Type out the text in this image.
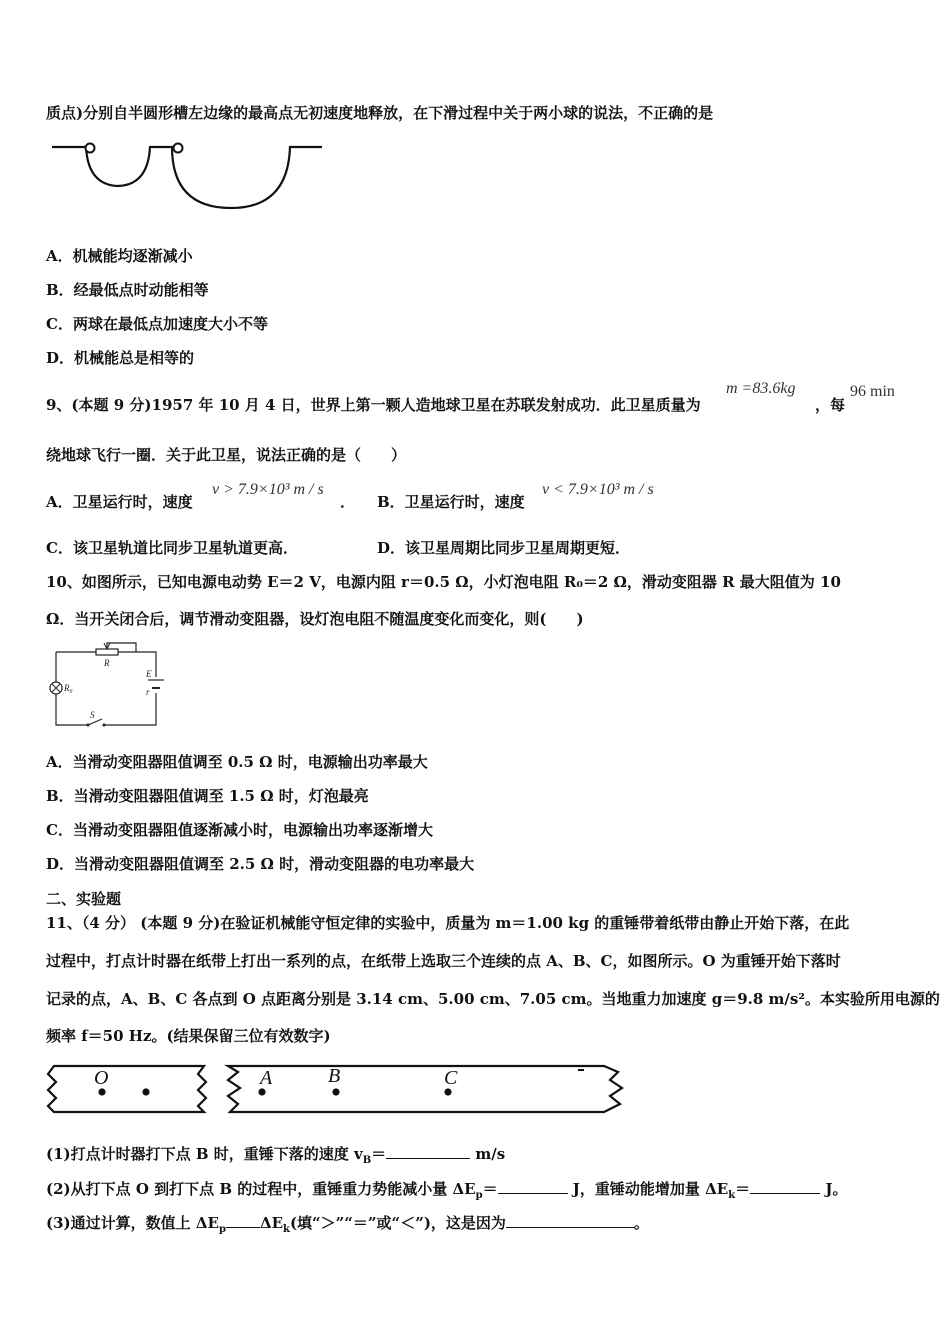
质点)分别自半圆形槽左边缘的最高点无初速度地释放，在下滑过程中关于两小球的说法，不正确的是
A．机械能均逐渐减小
B．经最低点时动能相等
C．两球在最低点加速度大小不等
D．机械能总是相等的
9、(本题 9 分)1957 年 10 月 4 日，世界上第一颗人造地球卫星在苏联发射成功．此卫星质量为
m =83.6kg
，每
96 min
绕地球飞行一圈．关于此卫星，说法正确的是（　　）
A．卫星运行时，速度
v > 7.9×10³ m / s
． B．卫星运行时，速度
v < 7.9×10³ m / s
C．该卫星轨道比同步卫星轨道更高．	D．该卫星周期比同步卫星周期更短．
10、如图所示，已知电源电动势 E＝2 V，电源内阻 r＝0.5 Ω，小灯泡电阻 R₀＝2 Ω，滑动变阻器 R 最大阻值为 10
Ω．当开关闭合后，调节滑动变阻器，设灯泡电阻不随温度变化而变化，则(　　)
R
E
r
R₀
S
A．当滑动变阻器阻值调至 0.5 Ω 时，电源输出功率最大
B．当滑动变阻器阻值调至 1.5 Ω 时，灯泡最亮
C．当滑动变阻器阻值逐渐减小时，电源输出功率逐渐增大
D．当滑动变阻器阻值调至 2.5 Ω 时，滑动变阻器的电功率最大
二、实验题
11、（4 分） (本题 9 分)在验证机械能守恒定律的实验中，质量为 m＝1.00 kg 的重锤带着纸带由静止开始下落，在此
过程中，打点计时器在纸带上打出一系列的点，在纸带上选取三个连续的点 A、B、C，如图所示。O 为重锤开始下落时
记录的点，A、B、C 各点到 O 点距离分别是 3.14 cm、5.00 cm、7.05 cm。当地重力加速度 g＝9.8 m/s²。本实验所用电源的
频率 f＝50 Hz。(结果保留三位有效数字)
O	A	B	C
(1)打点计时器打下点 B 时，重锤下落的速度 $v_B=$	m/s
(2)从打下点 O 到打下点 B 的过程中，重锤重力势能减小量 $\Delta E_p=$	J，重锤动能增加量 $\Delta E_k=$	J。
(3)通过计算，数值上 $\Delta E_p$ $\Delta E_k$(填“＞”“＝”或“＜”)，这是因为	。
